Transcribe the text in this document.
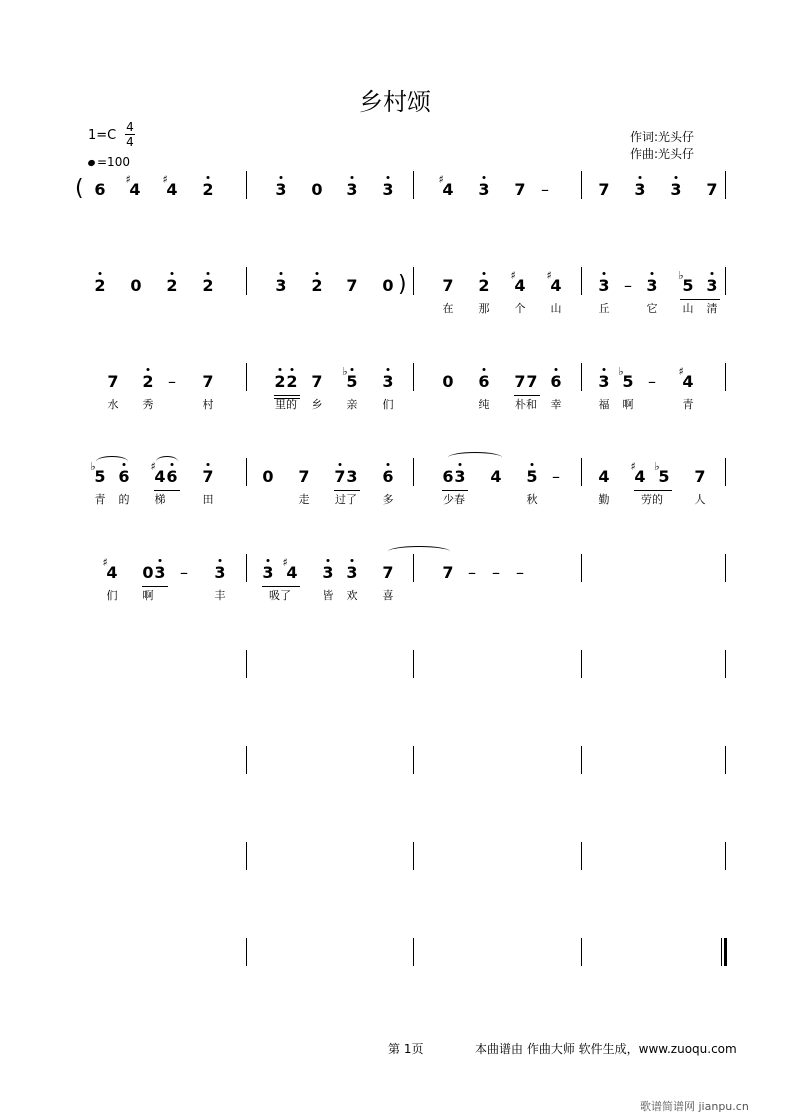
乡村颂
1=C
4
4
=100
作词:光头仔
作曲:光头仔
( 6 4
♯
4
♯
2	3 0 3 3	4
♯
3 7 –	7 3 3 7
2 0 2 2	3 2 7 0 ) 7 2 4
♯
4
♯
3 – 3 5
♭
3
在 那 个 山	丘	它 山 清
7 2 – 7	2 2 7 5
♭
3	0 6 7 7 6 3 5
♭
– 4
♯
水 秀	村	里的 乡 亲 们	纯 朴和 幸	福 啊	青
5
♭
6 4
♯
6 7	0 7 7 3 6	6 3 4 5 – 4 4
♯
5
♭
7
青 的 梯	田	走 过了 多	少春	秋	勤	劳的	人
4
♯
0 3 – 3 3 4
♯
3 3 7	7 – – –
们 啊	丰	吸了	皆 欢 喜
第 1页	本曲谱由 作曲大师 软件生成，www.zuoqu.com
歌谱简谱网 jianpu.cn
